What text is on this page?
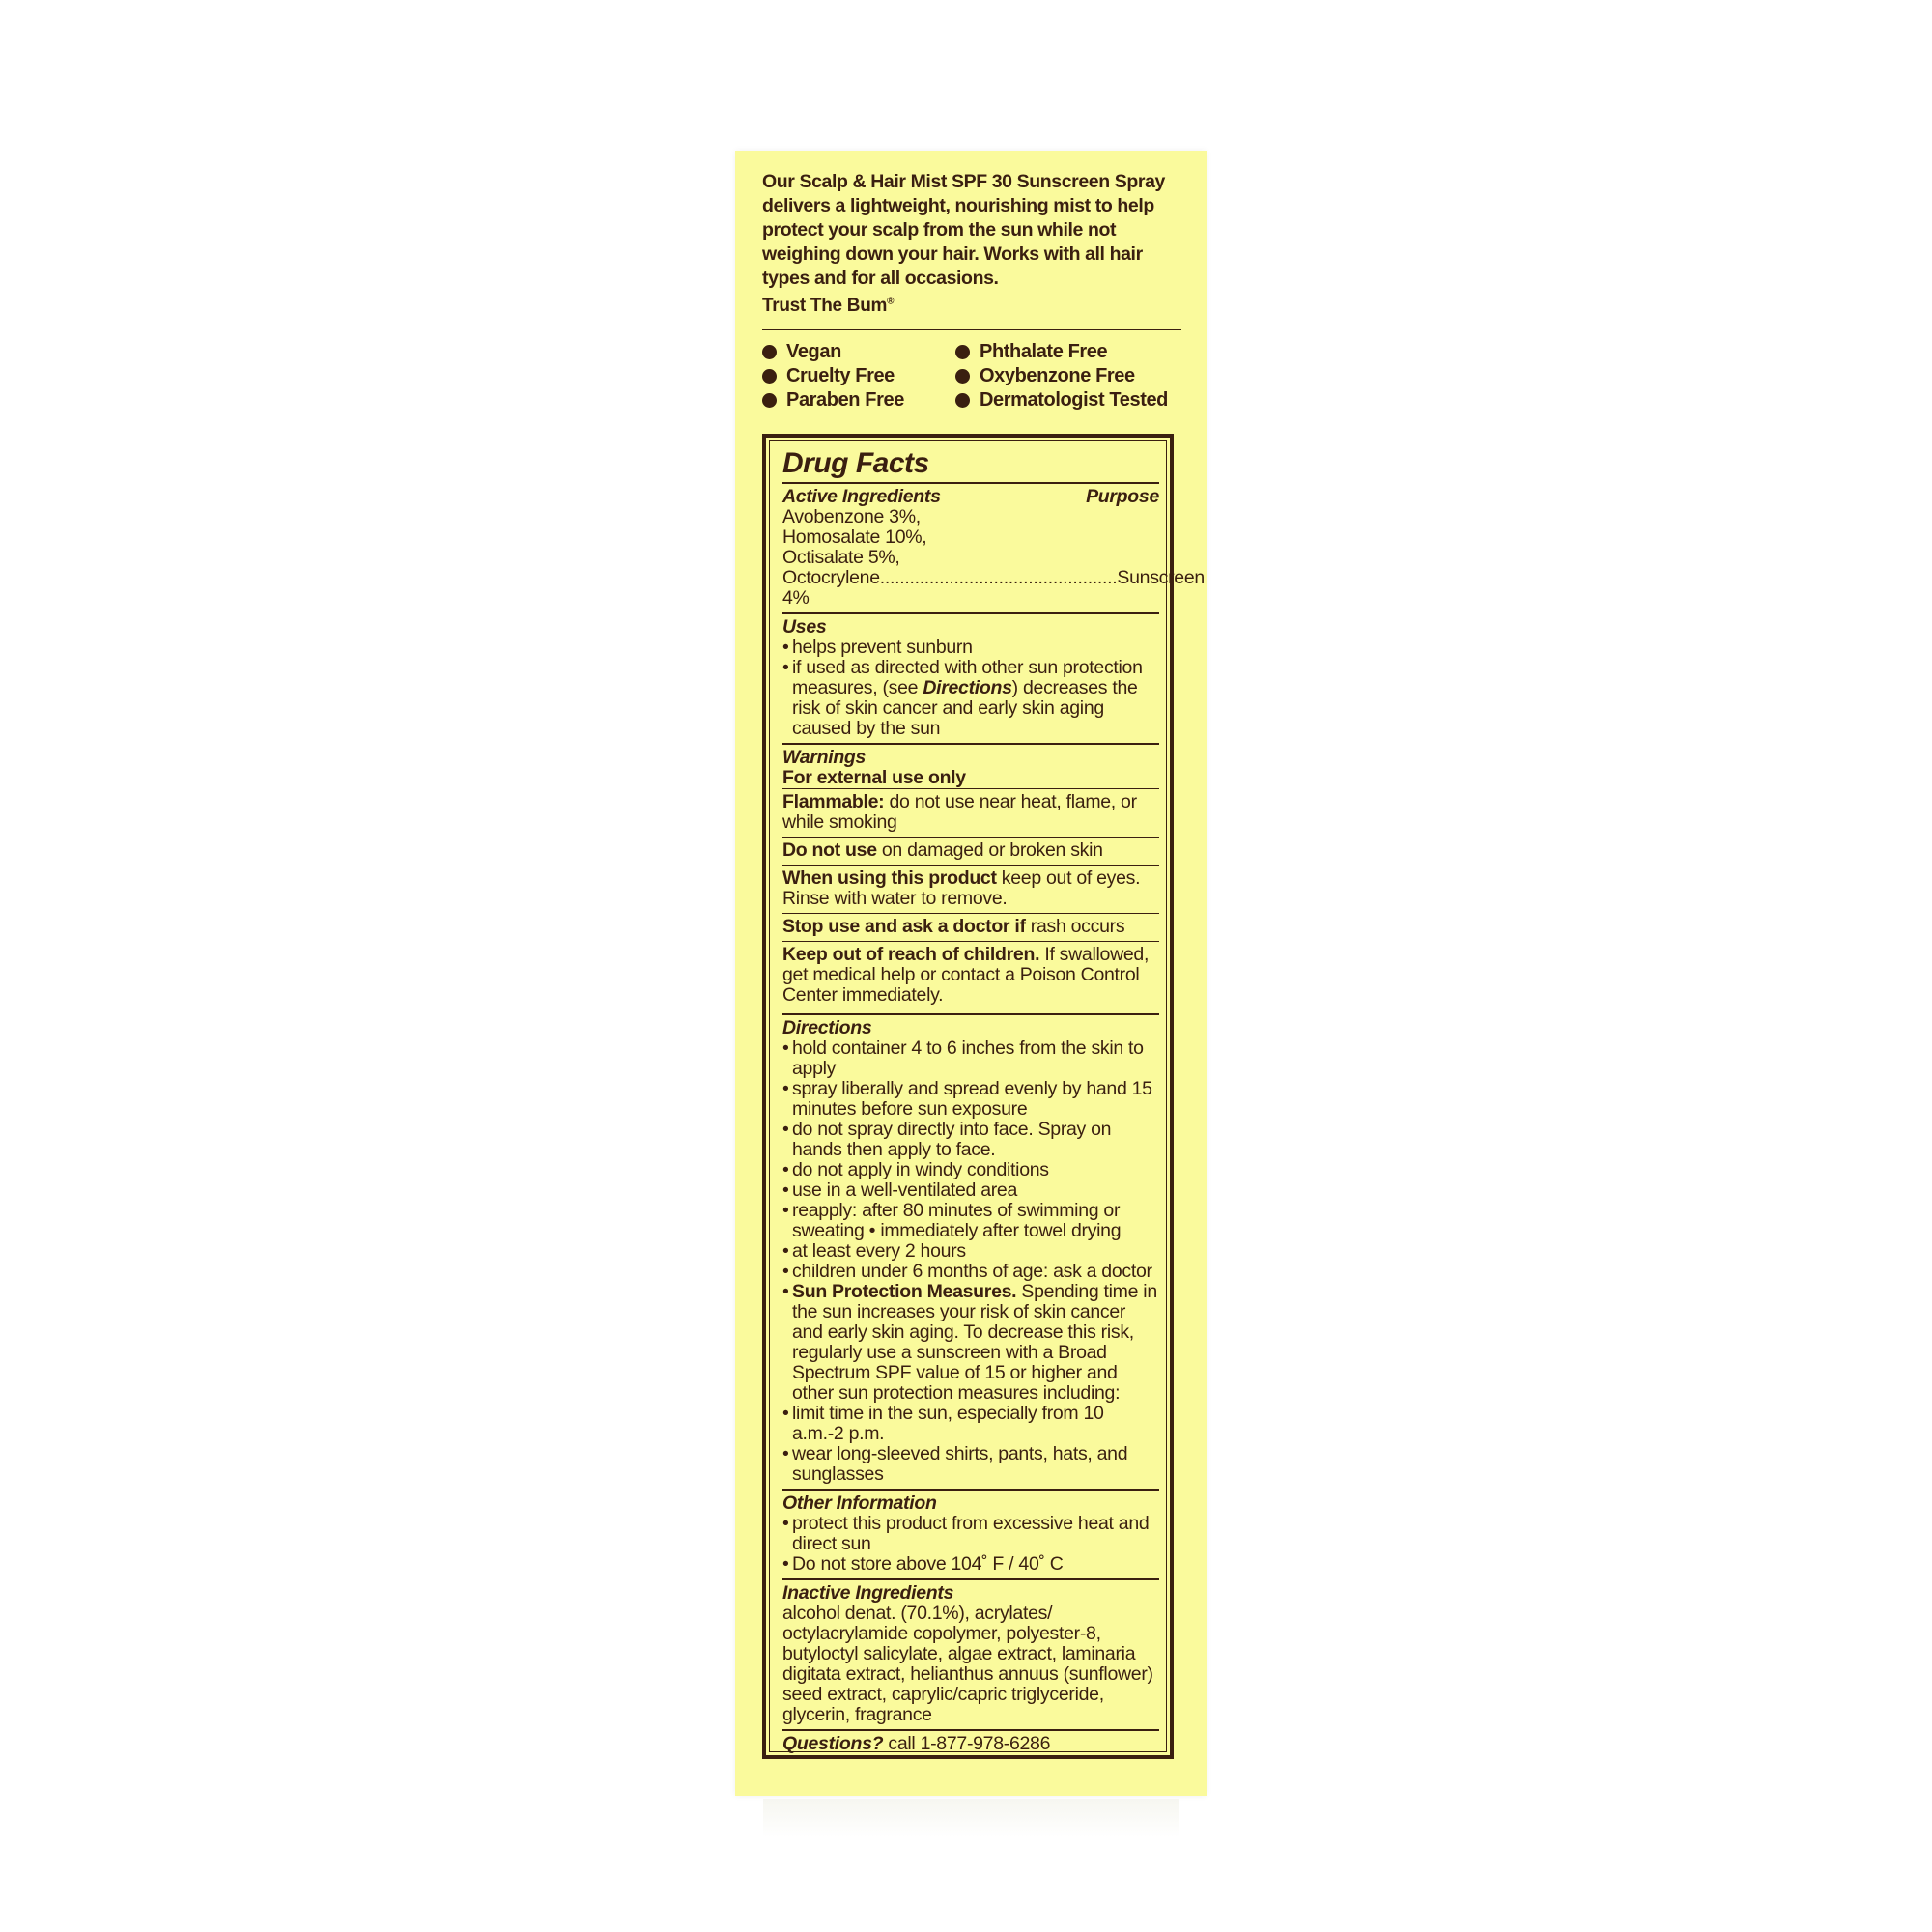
Our Scalp & Hair Mist SPF 30 Sunscreen Spray delivers a lightweight, nourishing mist to help protect your scalp from the sun while not weighing down your hair. Works with all hair types and for all occasions.

Trust The Bum®
Vegan	Phthalate Free
Cruelty Free	Oxybenzone Free
Paraben Free	Dermatologist Tested
Drug Facts
Active Ingredients	Purpose
Avobenzone 3%,
Homosalate 10%,
Octisalate 5%,
Octocrylene 4%
................................................ Sunscreen
Uses
• helps prevent sunburn
• if used as directed with other sun protection measures, (see Directions) decreases the risk of skin cancer and early skin aging caused by the sun
Warnings
For external use only
Flammable: do not use near heat, flame, or while smoking
Do not use on damaged or broken skin
When using this product keep out of eyes. Rinse with water to remove.
Stop use and ask a doctor if rash occurs
Keep out of reach of children. If swallowed, get medical help or contact a Poison Control Center immediately.
Directions
• hold container 4 to 6 inches from the skin to apply
• spray liberally and spread evenly by hand 15 minutes before sun exposure
• do not spray directly into face. Spray on hands then apply to face.
• do not apply in windy conditions
• use in a well-ventilated area
• reapply: after 80 minutes of swimming or sweating • immediately after towel drying
• at least every 2 hours
• children under 6 months of age: ask a doctor
• Sun Protection Measures. Spending time in the sun increases your risk of skin cancer and early skin aging. To decrease this risk, regularly use a sunscreen with a Broad Spectrum SPF value of 15 or higher and other sun protection measures including:
• limit time in the sun, especially from 10 a.m.-2 p.m.
• wear long-sleeved shirts, pants, hats, and sunglasses
Other Information
• protect this product from excessive heat and direct sun
• Do not store above 104˚ F / 40˚ C
Inactive Ingredients
alcohol denat. (70.1%), acrylates/ octylacrylamide copolymer, polyester-8, butyloctyl salicylate, algae extract, laminaria digitata extract, helianthus annuus (sunflower) seed extract, caprylic/capric triglyceride, glycerin, fragrance
Questions? call 1-877-978-6286
